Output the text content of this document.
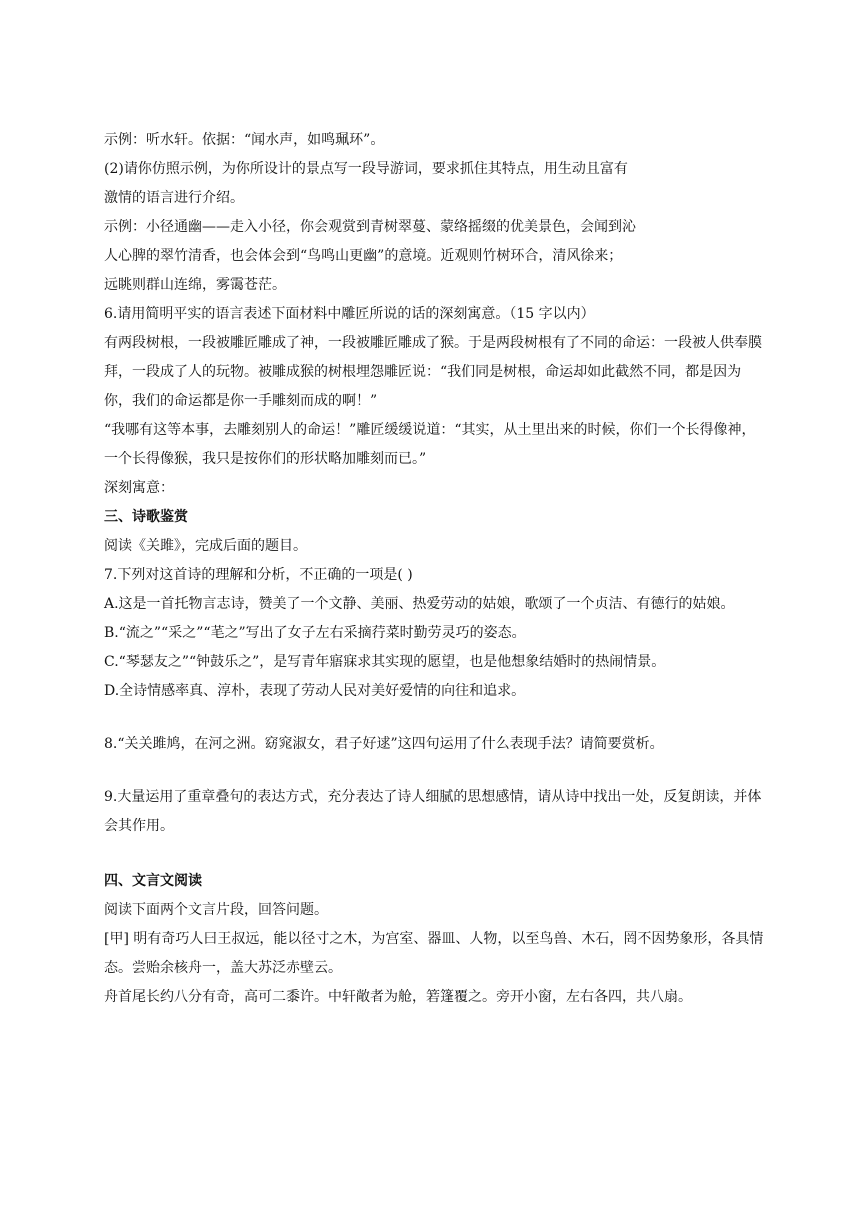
示例：听水轩。依据：“闻水声，如鸣珮环”。
(2)请你仿照示例，为你所设计的景点写一段导游词，要求抓住其特点，用生动且富有
激情的语言进行介绍。
示例：小径通幽——走入小径，你会观赏到青树翠蔓、蒙络摇缀的优美景色，会闻到沁
人心脾的翠竹清香，也会体会到“鸟鸣山更幽”的意境。近观则竹树环合，清风徐来；
远眺则群山连绵，雾霭苍茫。
6.请用简明平实的语言表述下面材料中雕匠所说的话的深刻寓意。（15 字以内）
有两段树根，一段被雕匠雕成了神，一段被雕匠雕成了猴。于是两段树根有了不同的命运：一段被人供奉膜拜，一段成了人的玩物。被雕成猴的树根埋怨雕匠说：“我们同是树根，命运却如此截然不同，都是因为你，我们的命运都是你一手雕刻而成的啊！”
“我哪有这等本事，去雕刻别人的命运！”雕匠缓缓说道：“其实，从土里出来的时候，你们一个长得像神，一个长得像猴，我只是按你们的形状略加雕刻而已。”
深刻寓意：
三、诗歌鉴赏
阅读《关雎》，完成后面的题目。
7.下列对这首诗的理解和分析，不正确的一项是( )
A.这是一首托物言志诗，赞美了一个文静、美丽、热爱劳动的姑娘，歌颂了一个贞洁、有德行的姑娘。
B.“流之”“采之”“芼之”写出了女子左右采摘荇菜时勤劳灵巧的姿态。
C.“琴瑟友之”“钟鼓乐之”，是写青年寤寐求其实现的愿望，也是他想象结婚时的热闹情景。
D.全诗情感率真、淳朴，表现了劳动人民对美好爱情的向往和追求。
8.“关关雎鸠，在河之洲。窈窕淑女，君子好逑”这四句运用了什么表现手法？请简要赏析。
9.大量运用了重章叠句的表达方式，充分表达了诗人细腻的思想感情，请从诗中找出一处，反复朗读，并体会其作用。
四、文言文阅读
阅读下面两个文言片段，回答问题。
[甲] 明有奇巧人曰王叔远，能以径寸之木，为宫室、器皿、人物，以至鸟兽、木石，罔不因势象形，各具情态。尝贻余核舟一，盖大苏泛赤壁云。
舟首尾长约八分有奇，高可二黍许。中轩敞者为舱，箬篷覆之。旁开小窗，左右各四，共八扇。
